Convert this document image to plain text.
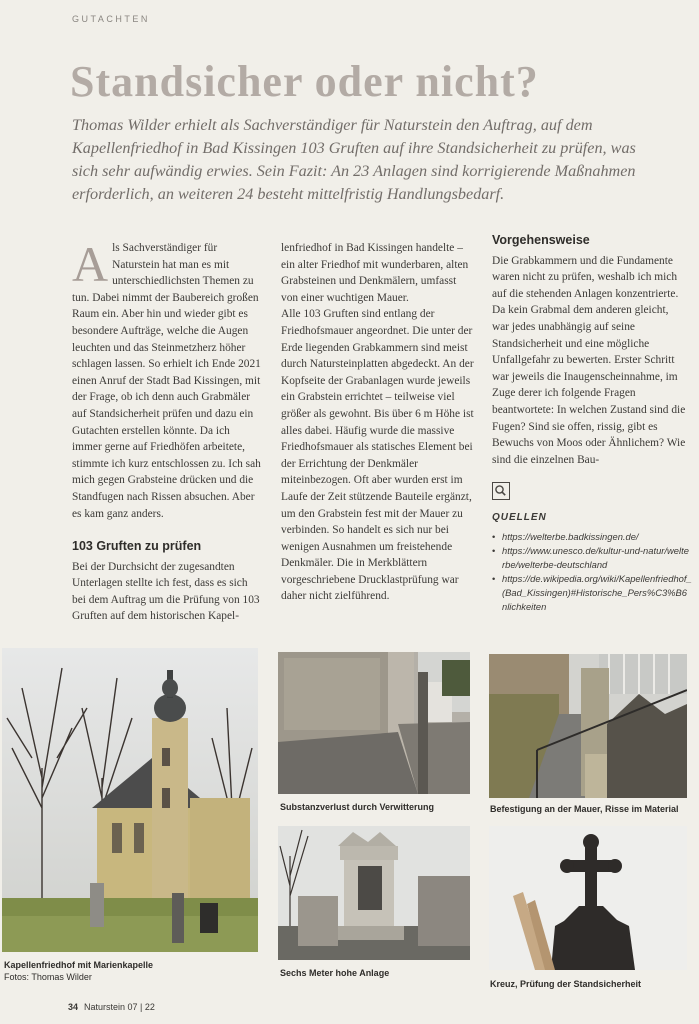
GUTACHTEN
Standsicher oder nicht?
Thomas Wilder erhielt als Sachverständiger für Naturstein den Auftrag, auf dem Kapellenfriedhof in Bad Kissingen 103 Gruften auf ihre Standsicherheit zu prüfen, was sich sehr aufwändig erwies. Sein Fazit: An 23 Anlagen sind korrigierende Maßnahmen erforderlich, an weiteren 24 besteht mittelfristig Handlungsbedarf.

Als Sachverständiger für Naturstein hat man es mit unterschiedlichsten Themen zu tun. Dabei nimmt der Baubereich großen Raum ein. Aber hin und wieder gibt es besondere Aufträge, welche die Augen leuchten und das Steinmetzherz höher schlagen lassen. So erhielt ich Ende 2021 einen Anruf der Stadt Bad Kissingen, mit der Frage, ob ich denn auch Grabmäler auf Standsicherheit prüfen und dazu ein Gutachten erstellen könnte. Da ich immer gerne auf Friedhöfen arbeitete, stimmte ich kurz entschlossen zu. Ich sah mich gegen Grabsteine drücken und die Standfugen nach Rissen absuchen. Aber es kam ganz anders.

103 Gruften zu prüfen

Bei der Durchsicht der zugesandten Unterlagen stellte ich fest, dass es sich bei dem Auftrag um die Prüfung von 103 Gruften auf dem historischen Kapel-

lenfriedhof in Bad Kissingen handelte – ein alter Friedhof mit wunderbaren, alten Grabsteinen und Denkmälern, umfasst von einer wuchtigen Mauer.

Alle 103 Gruften sind entlang der Friedhofsmauer angeordnet. Die unter der Erde liegenden Grabkammern sind meist durch Natursteinplatten abgedeckt. An der Kopfseite der Grabanlagen wurde jeweils ein Grabstein errichtet – teilweise viel größer als gewohnt. Bis über 6 m Höhe ist alles dabei. Häufig wurde die massive Friedhofsmauer als statisches Element bei der Errichtung der Denkmäler miteinbezogen. Oft aber wurden erst im Laufe der Zeit stützende Bauteile ergänzt, um den Grabstein fest mit der Mauer zu verbinden. So handelt es sich nur bei wenigen Ausnahmen um freistehende Denkmäler. Die in Merkblättern vorgeschriebene Drucklastprüfung war daher nicht zielführend.

Vorgehensweise

Die Grabkammern und die Fundamente waren nicht zu prüfen, weshalb ich mich auf die stehenden Anlagen konzentrierte. Da kein Grabmal dem anderen gleicht, war jedes unabhängig auf seine Standsicherheit und eine mögliche Unfallgefahr zu bewerten. Erster Schritt war jeweils die Inaugenscheinnahme, im Zuge derer ich folgende Fragen beantwortete: In welchen Zustand sind die Fugen? Sind sie offen, rissig, gibt es Bewuchs von Moos oder Ähnlichem? Wie sind die einzelnen Bau-

QUELLEN
• https://welterbe.badkissingen.de/
• https://www.unesco.de/kultur-und-natur/welterbe/welterbe-deutschland
• https://de.wikipedia.org/wiki/Kapellenfriedhof_(Bad_Kissingen)#Historische_Pers%C3%B6nlichkeiten
Kapellenfriedhof mit Marienkapelle
Fotos: Thomas Wilder
Substanzverlust durch Verwitterung	Befestigung an der Mauer, Risse im Material
Sechs Meter hohe Anlage
Kreuz, Prüfung der Standsicherheit
34 Naturstein 07 | 22
